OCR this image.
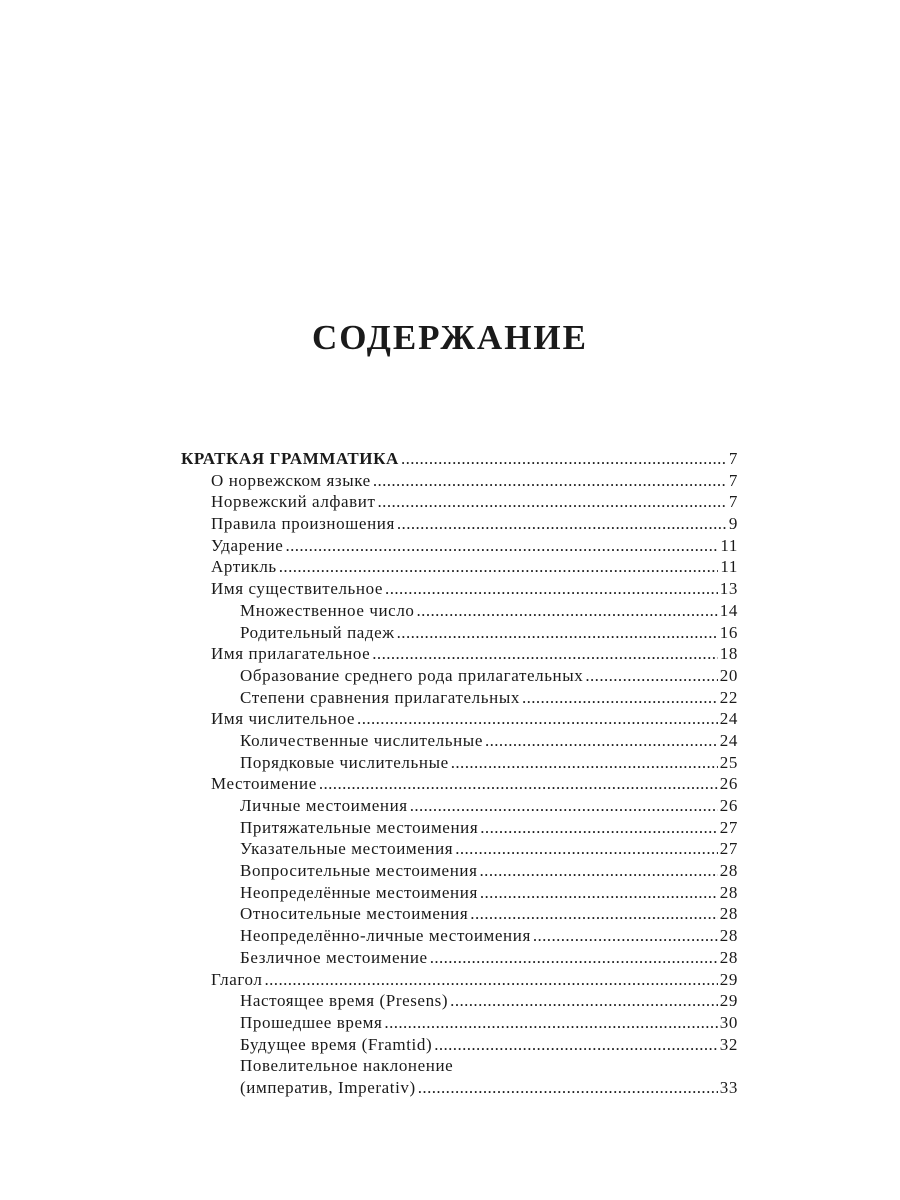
СОДЕРЖАНИЕ
КРАТКАЯ ГРАММАТИКА .....	7
О норвежском языке .....	7
Норвежский алфавит .....	7
Правила произношения .....	9
Ударение .....	11
Артикль .....	11
Имя существительное .....	13
Множественное число .....	14
Родительный падеж .....	16
Имя прилагательное .....	18
Образование среднего рода прилагательных .....	20
Степени сравнения прилагательных .....	22
Имя числительное .....	24
Количественные числительные .....	24
Порядковые числительные .....	25
Местоимение .....	26
Личные местоимения .....	26
Притяжательные местоимения .....	27
Указательные местоимения .....	27
Вопросительные местоимения .....	28
Неопределённые местоимения .....	28
Относительные местоимения .....	28
Неопределённо-личные местоимения .....	28
Безличное местоимение .....	28
Глагол .....	29
Настоящее время (Presens) .....	29
Прошедшее время .....	30
Будущее время (Framtid) .....	32
Повелительное наклонение
(императив, Imperativ) .....	33
